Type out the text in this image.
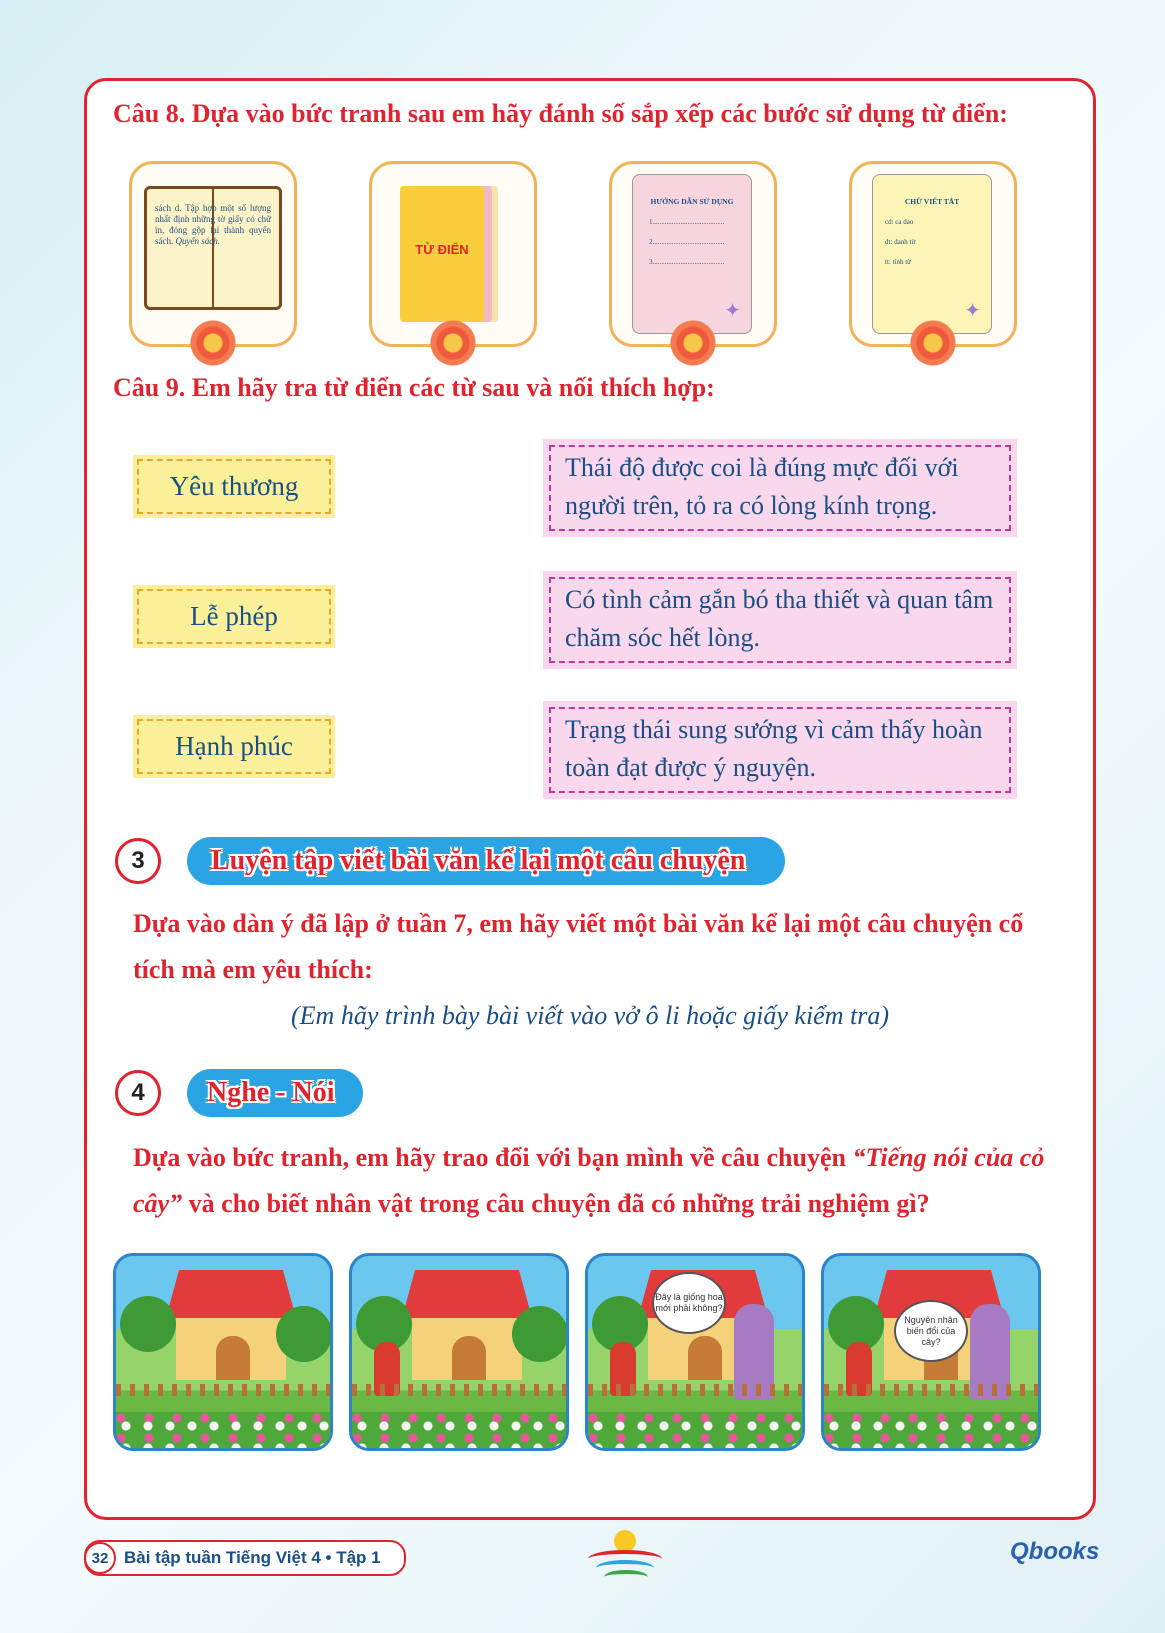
Câu 8. Dựa vào bức tranh sau em hãy đánh số sắp xếp các bước sử dụng từ điển:

sách d. Tập hợp một số lượng nhất định những tờ giấy có chữ in, đóng gộp lại thành quyển sách. Quyển sách.
TỪ ĐIỂN
HƯỚNG DẪN SỬ DỤNG
1.........................................
2.........................................
3.........................................
✦
CHỮ VIẾT TẮT
cd: ca dao
dt: danh từ
tt: tính từ
✦

Câu 9. Em hãy tra từ điển các từ sau và nối thích hợp:

Yêu thương
Lễ phép
Hạnh phúc
Thái độ được coi là đúng mực đối với người trên, tỏ ra có lòng kính trọng.
Có tình cảm gắn bó tha thiết và quan tâm chăm sóc hết lòng.
Trạng thái sung sướng vì cảm thấy hoàn toàn đạt được ý nguyện.
Luyện tập viết bài văn kể lại một câu chuyện
3

Dựa vào dàn ý đã lập ở tuần 7, em hãy viết một bài văn kể lại một câu chuyện cổ tích mà em yêu thích:

(Em hãy trình bày bài viết vào vở ô li hoặc giấy kiểm tra)

Nghe - Nói
4

Dựa vào bức tranh, em hãy trao đổi với bạn mình về câu chuyện “Tiếng nói của cỏ cây” và cho biết nhân vật trong câu chuyện đã có những trải nghiệm gì?

Đây là giống hoa mới phải không?
Nguyên nhân biến đổi của cây?
32 Bài tập tuần Tiếng Việt 4 • Tập 1	Qbooks
